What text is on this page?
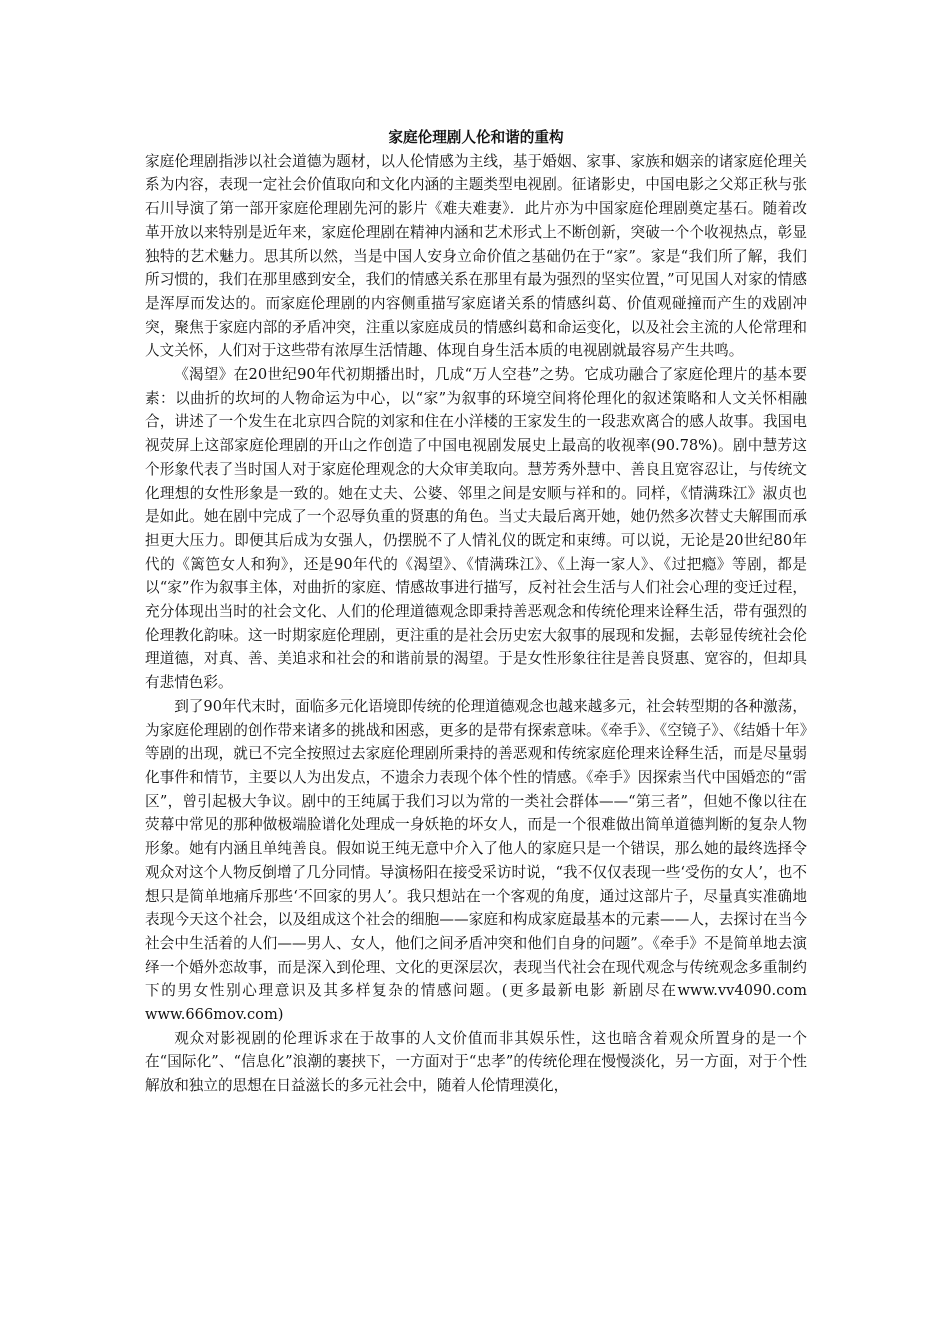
家庭伦理剧人伦和谐的重构

家庭伦理剧指涉以社会道德为题材，以人伦情感为主线，基于婚姻、家事、家族和姻亲的诸家庭伦理关系为内容，表现一定社会价值取向和文化内涵的主题类型电视剧。征诸影史，中国电影之父郑正秋与张石川导演了第一部开家庭伦理剧先河的影片《难夫难妻》．此片亦为中国家庭伦理剧奠定基石。随着改革开放以来特别是近年来，家庭伦理剧在精神内涵和艺术形式上不断创新，突破一个个收视热点，彰显独特的艺术魅力。思其所以然，当是中国人安身立命价值之基础仍在于“家”。家是“我们所了解，我们所习惯的，我们在那里感到安全，我们的情感关系在那里有最为强烈的坚实位置，”可见国人对家的情感是浑厚而发达的。而家庭伦理剧的内容侧重描写家庭诸关系的情感纠葛、价值观碰撞而产生的戏剧冲突，聚焦于家庭内部的矛盾冲突，注重以家庭成员的情感纠葛和命运变化，以及社会主流的人伦常理和人文关怀，人们对于这些带有浓厚生活情趣、体现自身生活本质的电视剧就最容易产生共鸣。

《渴望》在20世纪90年代初期播出时，几成“万人空巷”之势。它成功融合了家庭伦理片的基本要素：以曲折的坎坷的人物命运为中心，以“家”为叙事的环境空间将伦理化的叙述策略和人文关怀相融合，讲述了一个发生在北京四合院的刘家和住在小洋楼的王家发生的一段悲欢离合的感人故事。我国电视荧屏上这部家庭伦理剧的开山之作创造了中国电视剧发展史上最高的收视率(90.78%)。剧中慧芳这个形象代表了当时国人对于家庭伦理观念的大众审美取向。慧芳秀外慧中、善良且宽容忍让，与传统文化理想的女性形象是一致的。她在丈夫、公婆、邻里之间是安顺与祥和的。同样，《情满珠江》淑贞也是如此。她在剧中完成了一个忍辱负重的贤惠的角色。当丈夫最后离开她，她仍然多次替丈夫解围而承担更大压力。即便其后成为女强人，仍摆脱不了人情礼仪的既定和束缚。可以说，无论是20世纪80年代的《篱笆女人和狗》，还是90年代的《渴望》、《情满珠江》、《上海一家人》、《过把瘾》等剧，都是以“家”作为叙事主体，对曲折的家庭、情感故事进行描写，反衬社会生活与人们社会心理的变迁过程，充分体现出当时的社会文化、人们的伦理道德观念即秉持善恶观念和传统伦理来诠释生活，带有强烈的伦理教化韵味。这一时期家庭伦理剧，更注重的是社会历史宏大叙事的展现和发掘，去彰显传统社会伦理道德，对真、善、美追求和社会的和谐前景的渴望。于是女性形象往往是善良贤惠、宽容的，但却具有悲情色彩。

到了90年代末时，面临多元化语境即传统的伦理道德观念也越来越多元，社会转型期的各种激荡，为家庭伦理剧的创作带来诸多的挑战和困惑，更多的是带有探索意味。《牵手》、《空镜子》、《结婚十年》等剧的出现，就已不完全按照过去家庭伦理剧所秉持的善恶观和传统家庭伦理来诠释生活，而是尽量弱化事件和情节，主要以人为出发点，不遗余力表现个体个性的情感。《牵手》因探索当代中国婚恋的“雷区”，曾引起极大争议。剧中的王纯属于我们习以为常的一类社会群体——“第三者”，但她不像以往在荧幕中常见的那种做极端脸谱化处理成一身妖艳的坏女人，而是一个很难做出简单道德判断的复杂人物形象。她有内涵且单纯善良。假如说王纯无意中介入了他人的家庭只是一个错误，那么她的最终选择令观众对这个人物反倒增了几分同情。导演杨阳在接受采访时说，“我不仅仅表现一些‘受伤的女人’，也不想只是简单地痛斥那些‘不回家的男人’。我只想站在一个客观的角度，通过这部片子，尽量真实准确地表现今天这个社会，以及组成这个社会的细胞——家庭和构成家庭最基本的元素——人，去探讨在当今社会中生活着的人们——男人、女人，他们之间矛盾冲突和他们自身的问题”。《牵手》不是简单地去演绎一个婚外恋故事，而是深入到伦理、文化的更深层次，表现当代社会在现代观念与传统观念多重制约下的男女性别心理意识及其多样复杂的情感问题。(更多最新电影 新剧尽在www.vv4090.com www.666mov.com)

观众对影视剧的伦理诉求在于故事的人文价值而非其娱乐性，这也暗含着观众所置身的是一个在“国际化”、“信息化”浪潮的裹挟下，一方面对于“忠孝”的传统伦理在慢慢淡化，另一方面，对于个性解放和独立的思想在日益滋长的多元社会中，随着人伦情理漠化，
